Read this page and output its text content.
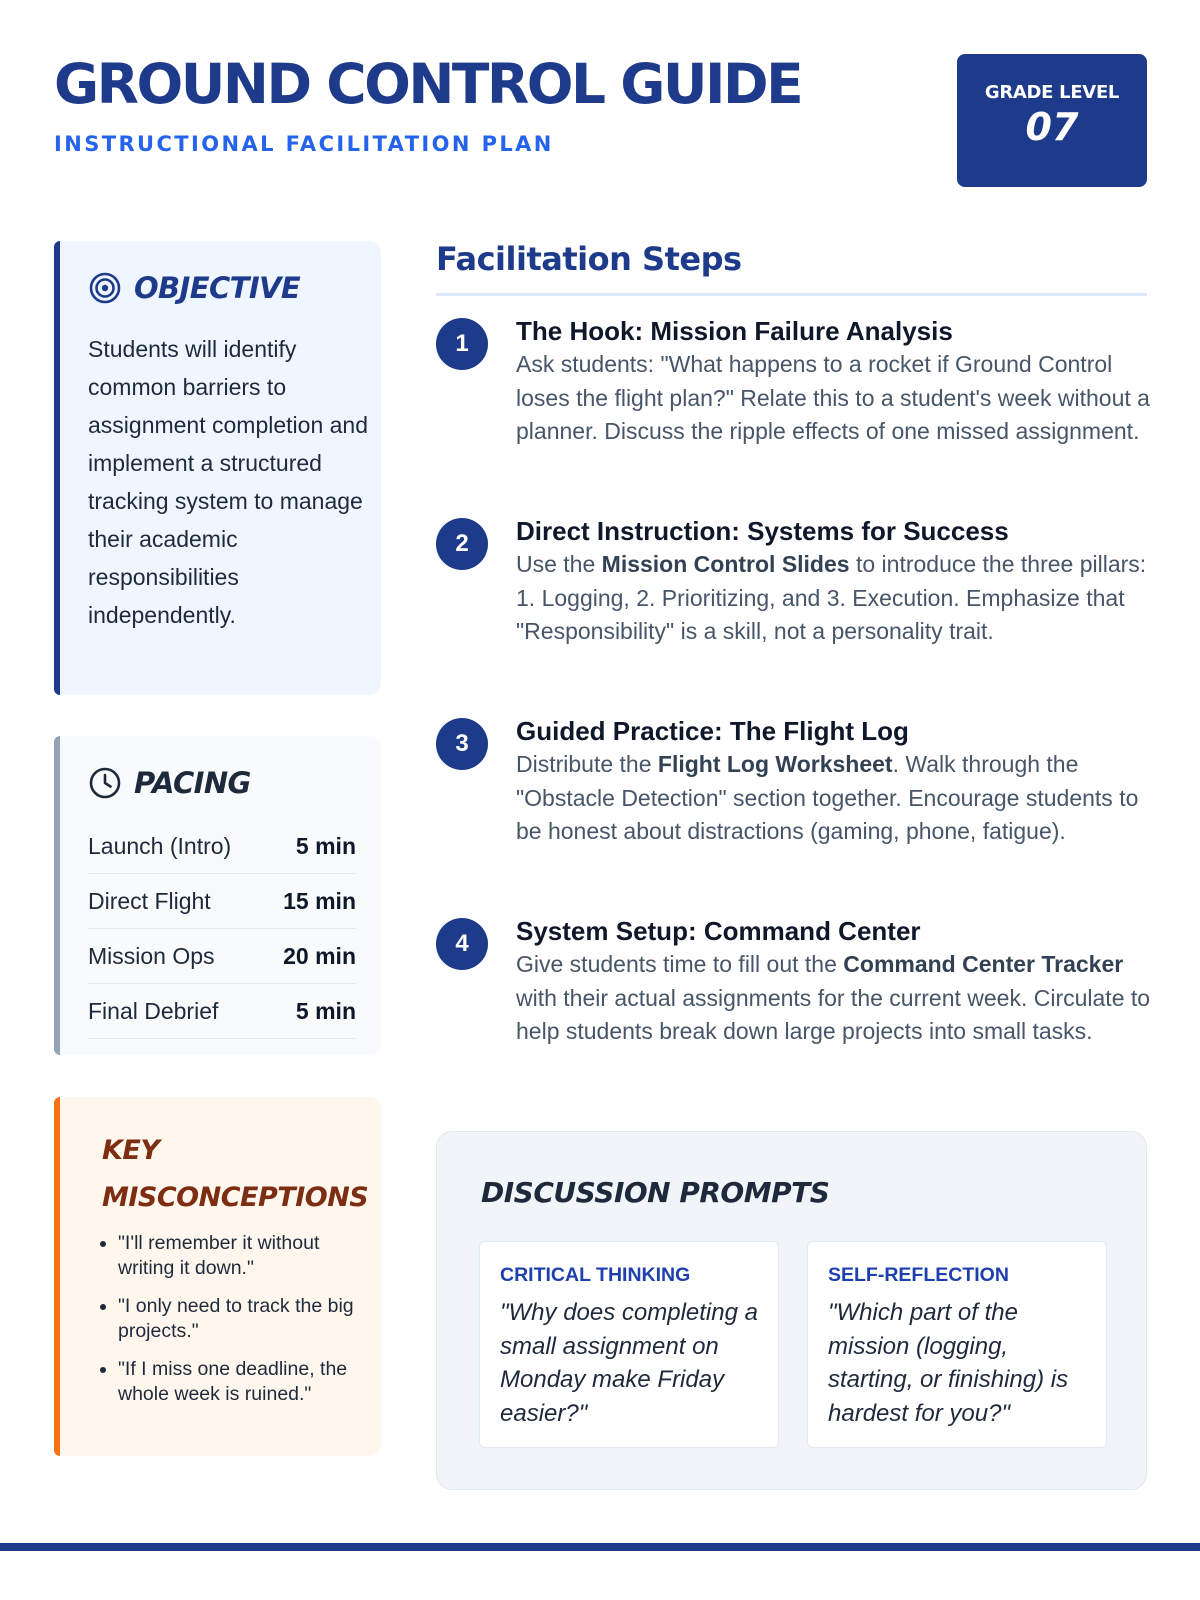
GROUND CONTROL GUIDE
INSTRUCTIONAL FACILITATION PLAN
GRADE LEVEL
07
OBJECTIVE
Students will identify common barriers to assignment completion and implement a structured tracking system to manage their academic responsibilities independently.
PACING
Launch (Intro)	5 min
Direct Flight	15 min
Mission Ops	20 min
Final Debrief	5 min
KEY MISCONCEPTIONS
• "I'll remember it without writing it down."
• "I only need to track the big projects."
• "If I miss one deadline, the whole week is ruined."
Facilitation Steps
1	The Hook: Mission Failure Analysis
Ask students: "What happens to a rocket if Ground Control loses the flight plan?" Relate this to a student's week without a planner. Discuss the ripple effects of one missed assignment.
2	Direct Instruction: Systems for Success
Use the Mission Control Slides to introduce the three pillars: 1. Logging, 2. Prioritizing, and 3. Execution. Emphasize that "Responsibility" is a skill, not a personality trait.
3	Guided Practice: The Flight Log
Distribute the Flight Log Worksheet. Walk through the "Obstacle Detection" section together. Encourage students to be honest about distractions (gaming, phone, fatigue).
4	System Setup: Command Center
Give students time to fill out the Command Center Tracker with their actual assignments for the current week. Circulate to help students break down large projects into small tasks.
DISCUSSION PROMPTS
CRITICAL THINKING
"Why does completing a small assignment on Monday make Friday easier?"
SELF-REFLECTION
"Which part of the mission (logging, starting, or finishing) is hardest for you?"
